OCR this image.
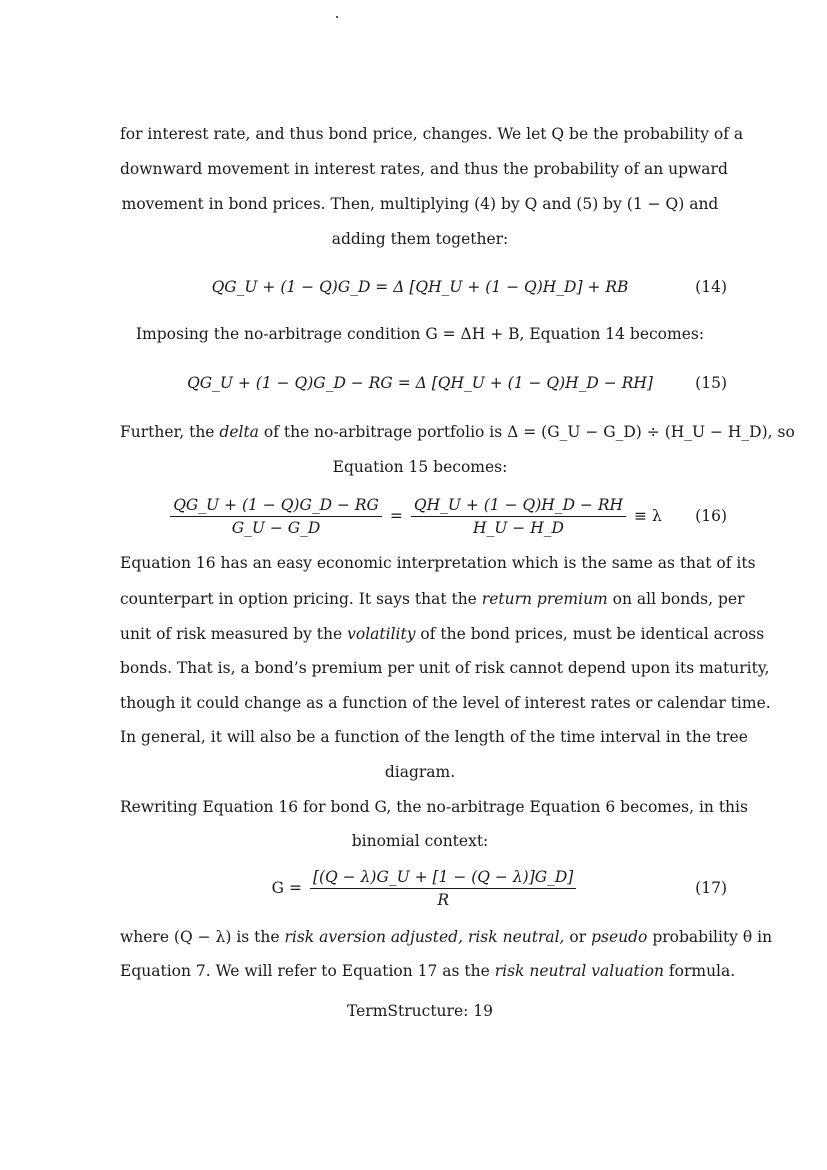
for interest rate, and thus bond price, changes. We let Q be the probability of a
downward movement in interest rates, and thus the probability of an upward
movement in bond prices. Then, multiplying (4) by Q and (5) by (1 − Q) and
adding them together:
QG_U + (1 − Q)G_D = Δ [QH_U + (1 − Q)H_D] + RB	(14)
Imposing the no-arbitrage condition G = ΔH + B, Equation 14 becomes:
QG_U + (1 − Q)G_D − RG = Δ [QH_U + (1 − Q)H_D − RH]	(15)
Further, the delta of the no-arbitrage portfolio is Δ = (G_U − G_D) ÷ (H_U − H_D), so
Equation 15 becomes:
$\frac{QG\_U + (1 - Q)G\_D - RG}{G\_U - G\_D} = \frac{QH\_U + (1 - Q)H\_D - RH}{H\_U - H\_D} \equiv \lambda$	(16)
Equation 16 has an easy economic interpretation which is the same as that of its
counterpart in option pricing. It says that the return premium on all bonds, per
unit of risk measured by the volatility of the bond prices, must be identical across
bonds. That is, a bond’s premium per unit of risk cannot depend upon its maturity,
though it could change as a function of the level of interest rates or calendar time.
In general, it will also be a function of the length of the time interval in the tree
diagram.
Rewriting Equation 16 for bond G, the no-arbitrage Equation 6 becomes, in this
binomial context:
$G = \frac{[(Q - \lambda)G\_U + [1 - (Q - \lambda)]G\_D]}{R}$	(17)
where (Q − λ) is the risk aversion adjusted, risk neutral, or pseudo probability θ in
Equation 7. We will refer to Equation 17 as the risk neutral valuation formula.
TermStructure: 19
